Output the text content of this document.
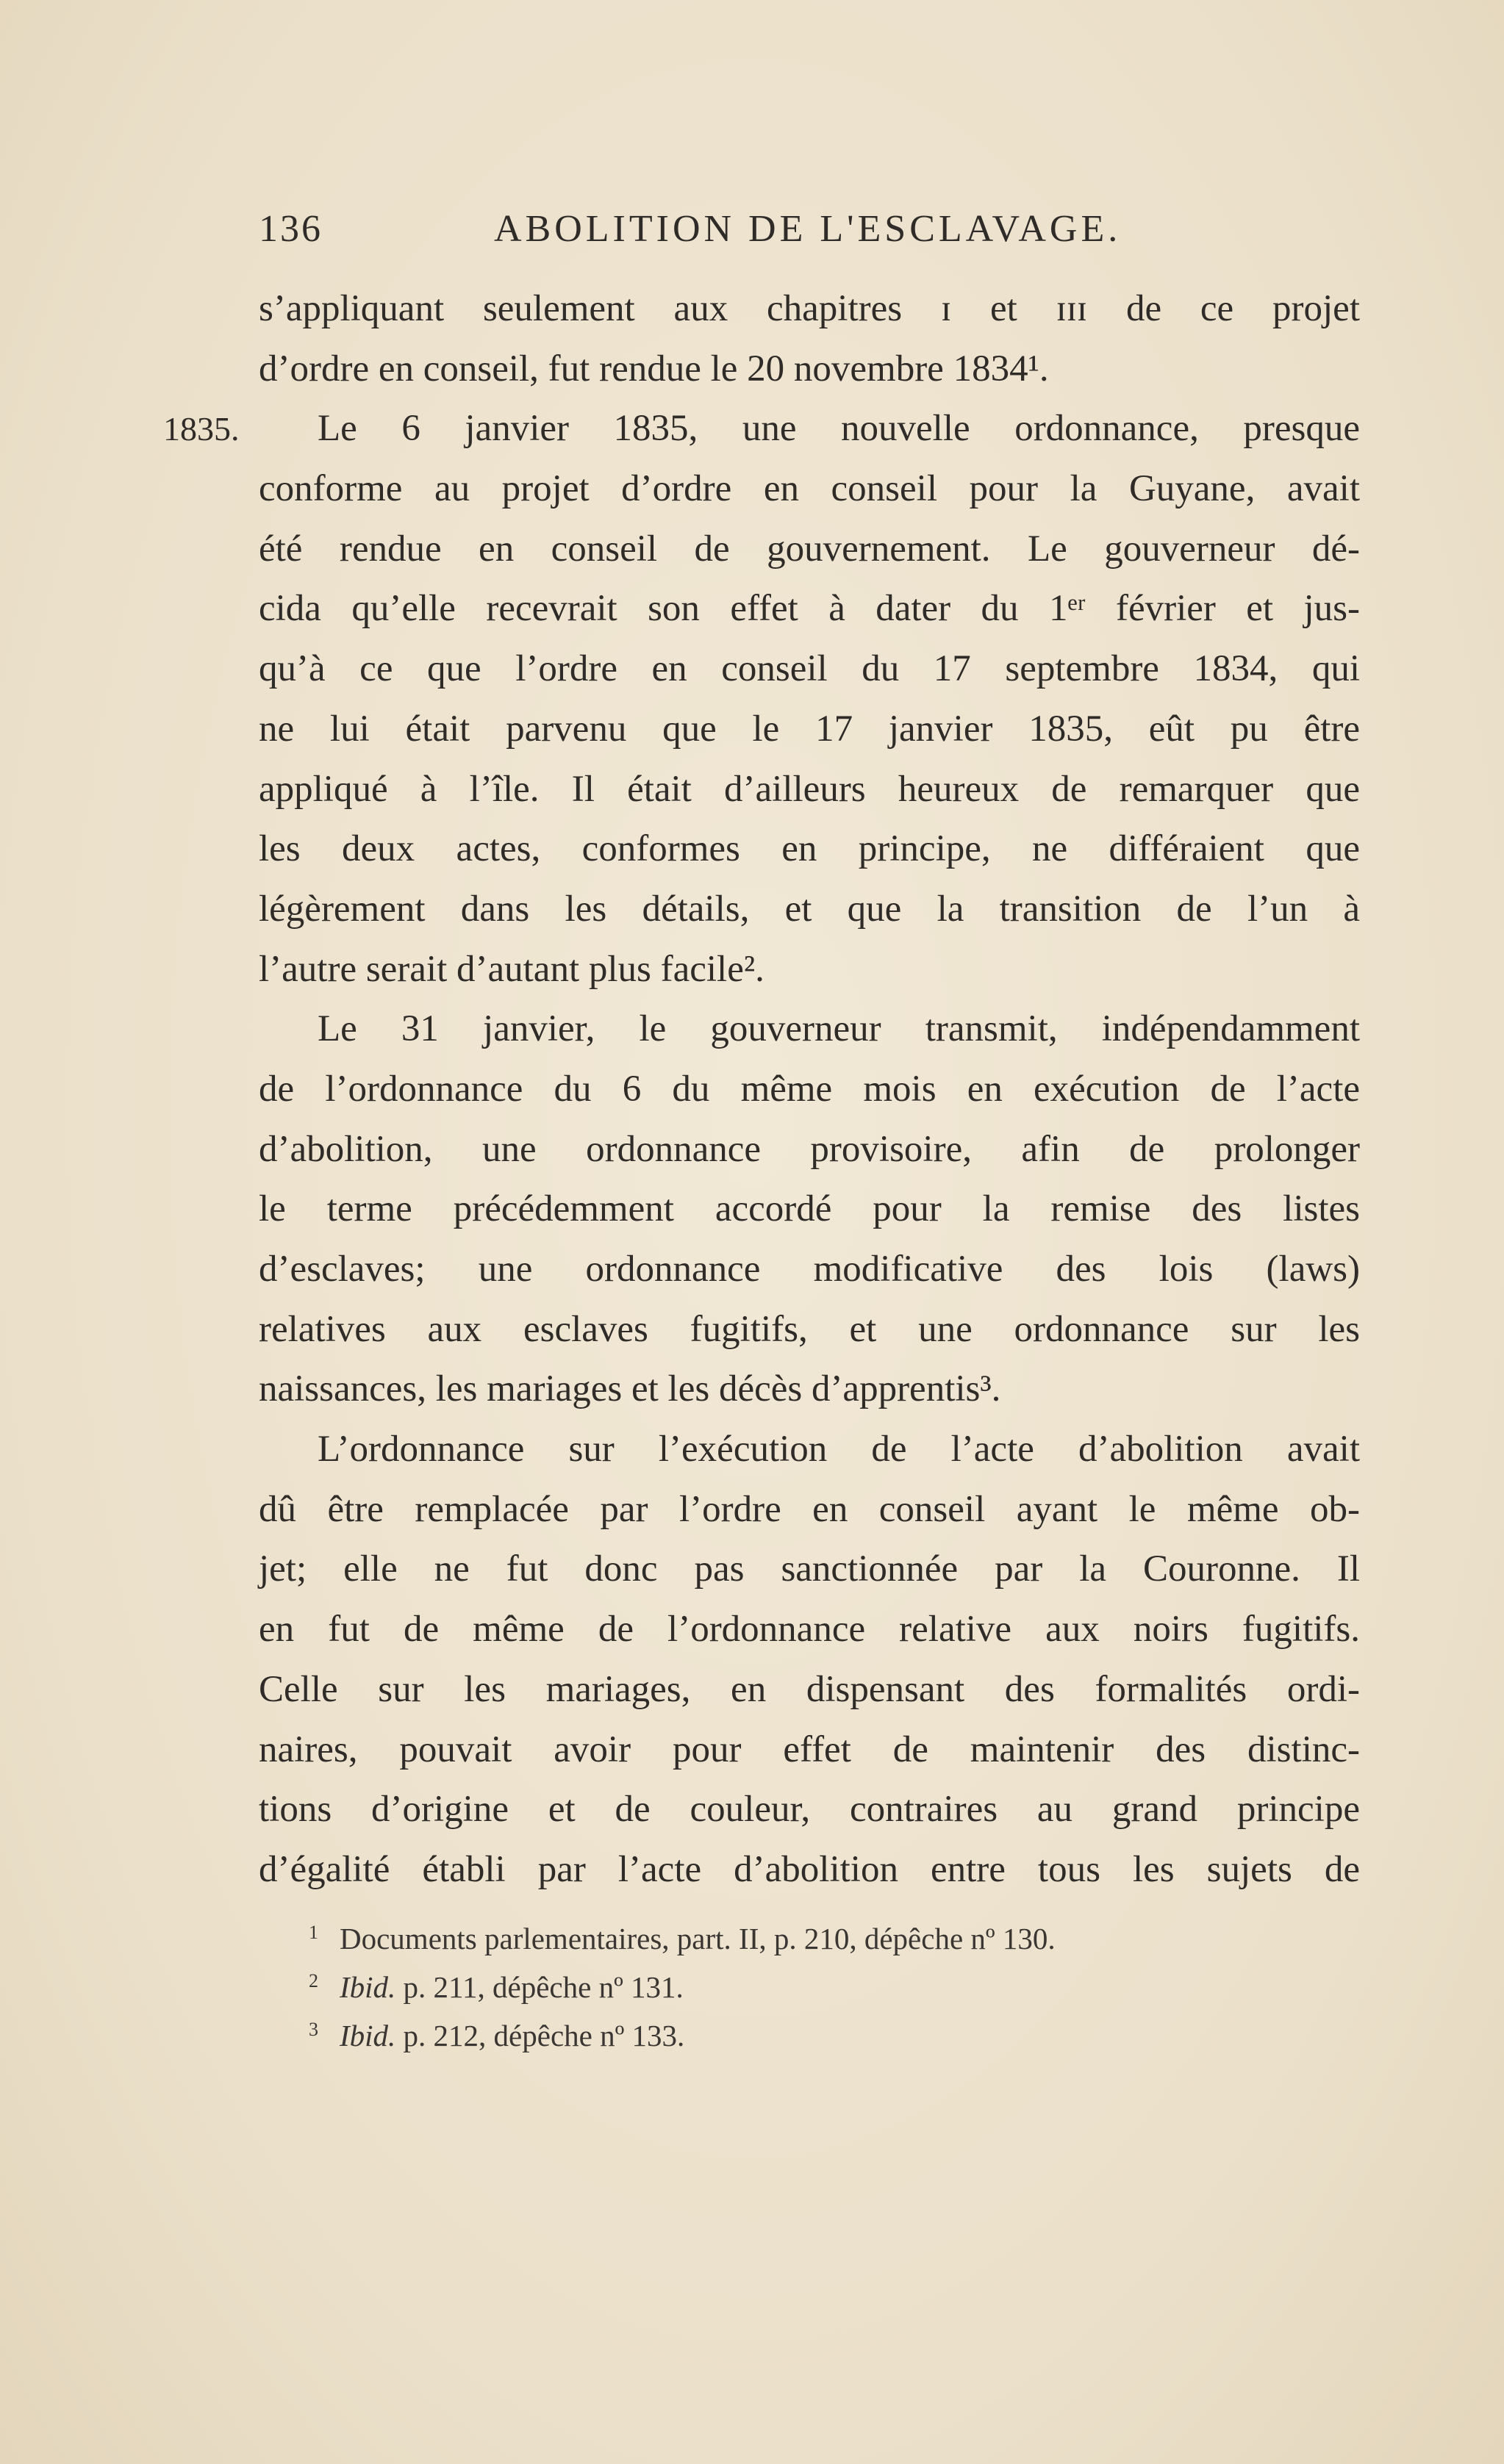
136	ABOLITION DE L'ESCLAVAGE.
s’appliquant seulement aux chapitres ɪ et ɪɪɪ de ce projet
d’ordre en conseil, fut rendue le 20 novembre 1834¹.
1835. Le 6 janvier 1835, une nouvelle ordonnance, presque
conforme au projet d’ordre en conseil pour la Guyane, avait
été rendue en conseil de gouvernement. Le gouverneur dé-
cida qu’elle recevrait son effet à dater du 1ᵉʳ février et jus-
qu’à ce que l’ordre en conseil du 17 septembre 1834, qui
ne lui était parvenu que le 17 janvier 1835, eût pu être
appliqué à l’île. Il était d’ailleurs heureux de remarquer que
les deux actes, conformes en principe, ne différaient que
légèrement dans les détails, et que la transition de l’un à
l’autre serait d’autant plus facile².
Le 31 janvier, le gouverneur transmit, indépendamment
de l’ordonnance du 6 du même mois en exécution de l’acte
d’abolition, une ordonnance provisoire, afin de prolonger
le terme précédemment accordé pour la remise des listes
d’esclaves; une ordonnance modificative des lois (laws)
relatives aux esclaves fugitifs, et une ordonnance sur les
naissances, les mariages et les décès d’apprentis³.
L’ordonnance sur l’exécution de l’acte d’abolition avait
dû être remplacée par l’ordre en conseil ayant le même ob-
jet; elle ne fut donc pas sanctionnée par la Couronne. Il
en fut de même de l’ordonnance relative aux noirs fugitifs.
Celle sur les mariages, en dispensant des formalités ordi-
naires, pouvait avoir pour effet de maintenir des distinc-
tions d’origine et de couleur, contraires au grand principe
d’égalité établi par l’acte d’abolition entre tous les sujets de
1 Documents parlementaires, part. II, p. 210, dépêche nº 130.
2 Ibid. p. 211, dépêche nº 131.
3 Ibid. p. 212, dépêche nº 133.
